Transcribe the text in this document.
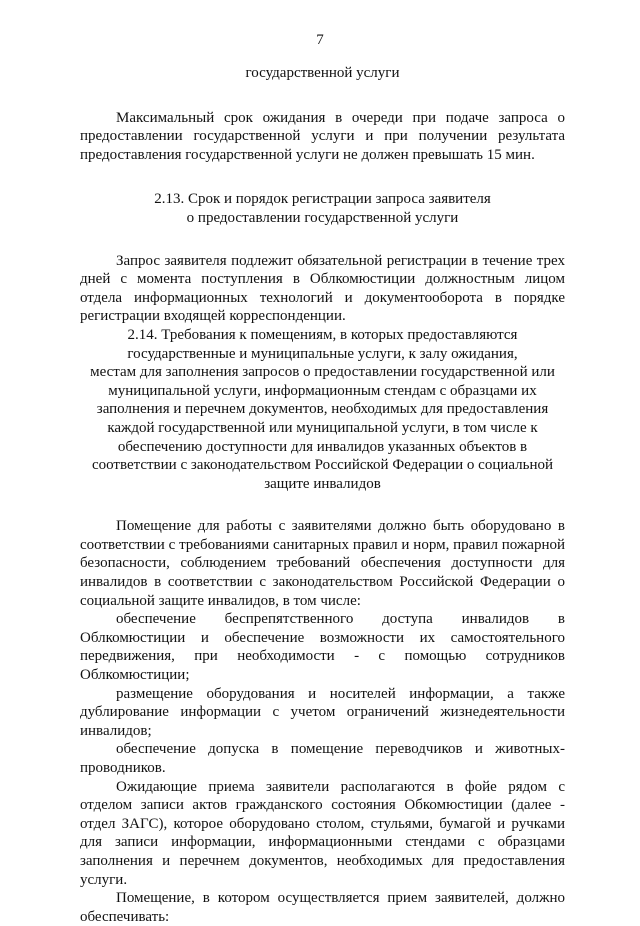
7

государственной услуги

Максимальный срок ожидания в очереди при подаче запроса о предоставлении государственной услуги и при получении результата предоставления государственной услуги не должен превышать 15 мин.

2.13. Срок и порядок регистрации запроса заявителя
о предоставлении государственной услуги

Запрос заявителя подлежит обязательной регистрации в течение трех дней с момента поступления в Облкомюстиции должностным лицом отдела информационных технологий и документооборота в порядке регистрации входящей корреспонденции.

2.14. Требования к помещениям, в которых предоставляются
государственные и муниципальные услуги, к залу ожидания,
местам для заполнения запросов о предоставлении государственной или
муниципальной услуги, информационным стендам с образцами их
заполнения и перечнем документов, необходимых для предоставления
каждой государственной или муниципальной услуги, в том числе к
обеспечению доступности для инвалидов указанных объектов в
соответствии с законодательством Российской Федерации о социальной
защите инвалидов

Помещение для работы с заявителями должно быть оборудовано в соответствии с требованиями санитарных правил и норм, правил пожарной безопасности, соблюдением требований обеспечения доступности для инвалидов в соответствии с законодательством Российской Федерации о социальной защите инвалидов, в том числе:

обеспечение беспрепятственного доступа инвалидов в Облкомюстиции и обеспечение возможности их самостоятельного передвижения, при необходимости - с помощью сотрудников Облкомюстиции;

размещение оборудования и носителей информации, а также дублирование информации с учетом ограничений жизнедеятельности инвалидов;

обеспечение допуска в помещение переводчиков и животных-проводников.

Ожидающие приема заявители располагаются в фойе рядом с отделом записи актов гражданского состояния Обкомюстиции (далее - отдел ЗАГС), которое оборудовано столом, стульями, бумагой и ручками для записи информации, информационными стендами с образцами заполнения и перечнем документов, необходимых для предоставления услуги.

Помещение, в котором осуществляется прием заявителей, должно обеспечивать:
